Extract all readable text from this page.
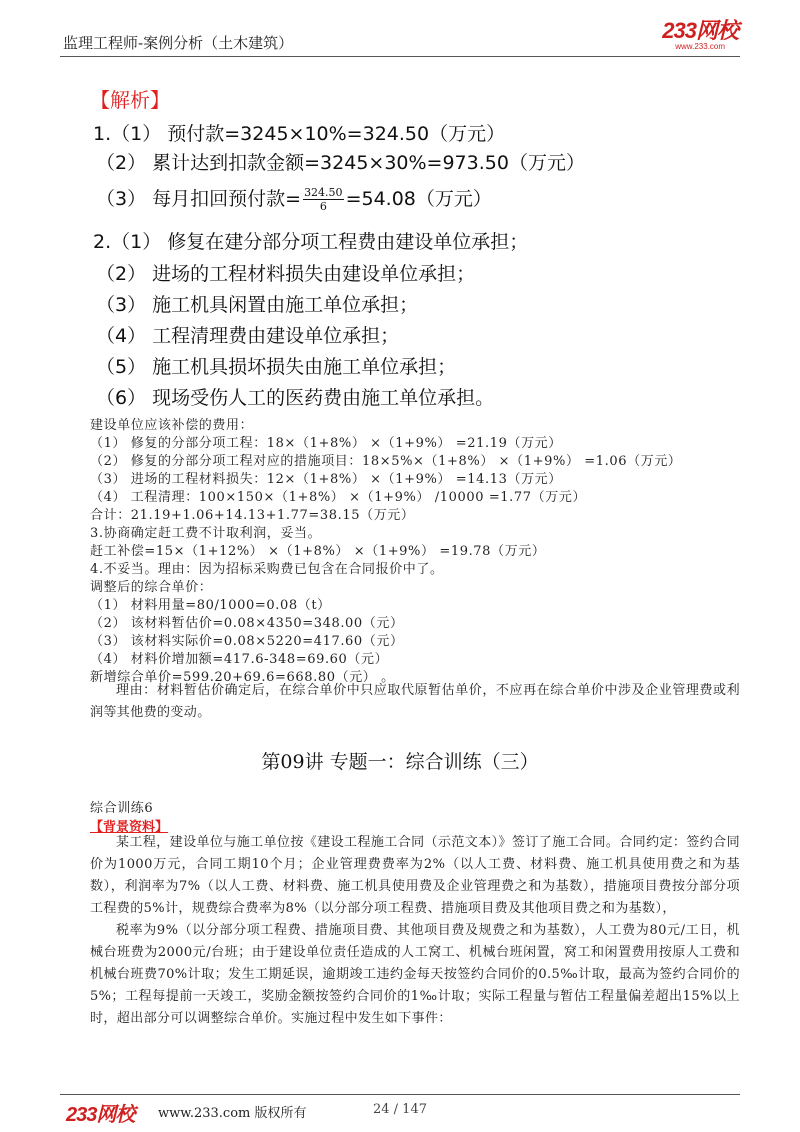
监理工程师-案例分析（土木建筑）	233网校
www.233.com
【解析】
1.（1） 预付款=3245×10%=324.50（万元）
（2） 累计达到扣款金额=3245×30%=973.50（万元）
（3） 每月扣回预付款= $\frac{324.50}{6} =54.08$（万元）
2.（1） 修复在建分部分项工程费由建设单位承担；
（2） 进场的工程材料损失由建设单位承担；
（3） 施工机具闲置由施工单位承担；
（4） 工程清理费由建设单位承担；
（5） 施工机具损坏损失由施工单位承担；
（6） 现场受伤人工的医药费由施工单位承担。
建设单位应该补偿的费用：
（1） 修复的分部分项工程：18×（1+8%） ×（1+9%） =21.19（万元）
（2） 修复的分部分项工程对应的措施项目：18×5%×（1+8%） ×（1+9%） =1.06（万元）
（3） 进场的工程材料损失：12×（1+8%） ×（1+9%） =14.13（万元）
（4） 工程清理：100×150×（1+8%） ×（1+9%） /10000 =1.77（万元）
合计：21.19+1.06+14.13+1.77=38.15（万元）
3.协商确定赶工费不计取利润，妥当。
赶工补偿=15×（1+12%） ×（1+8%） ×（1+9%） =19.78（万元）
4.不妥当。理由：因为招标采购费已包含在合同报价中了。
调整后的综合单价：
（1） 材料用量=80/1000=0.08（t）
（2） 该材料暂估价=0.08×4350=348.00（元）
（3） 该材料实际价=0.08×5220=417.60（元）
（4） 材料价增加额=417.6-348=69.60（元）
新增综合单价=599.20+69.6=668.80（元） 。
理由：材料暂估价确定后，在综合单价中只应取代原暂估单价，不应再在综合单价中涉及企业管理费或利润等其他费的变动。
第09讲 专题一：综合训练（三）
综合训练6
【背景资料】
某工程，建设单位与施工单位按《建设工程施工合同（示范文本）》签订了施工合同。合同约定：签约合同价为1000万元，合同工期10个月；企业管理费费率为2%（以人工费、材料费、施工机具使用费之和为基数），利润率为7%（以人工费、材料费、施工机具使用费及企业管理费之和为基数），措施项目费按分部分项工程费的5%计，规费综合费率为8%（以分部分项工程费、措施项目费及其他项目费之和为基数），
税率为9%（以分部分项工程费、措施项目费、其他项目费及规费之和为基数），人工费为80元/工日，机械台班费为2000元/台班；由于建设单位责任造成的人工窝工、机械台班闲置，窝工和闲置费用按原人工费和机械台班费70%计取；发生工期延误，逾期竣工违约金每天按签约合同价的0.5‰计取，最高为签约合同价的5%；工程每提前一天竣工，奖励金额按签约合同价的1‰计取；实际工程量与暂估工程量偏差超出15%以上时，超出部分可以调整综合单价。实施过程中发生如下事件：
233网校 www.233.com 版权所有	24 / 147
